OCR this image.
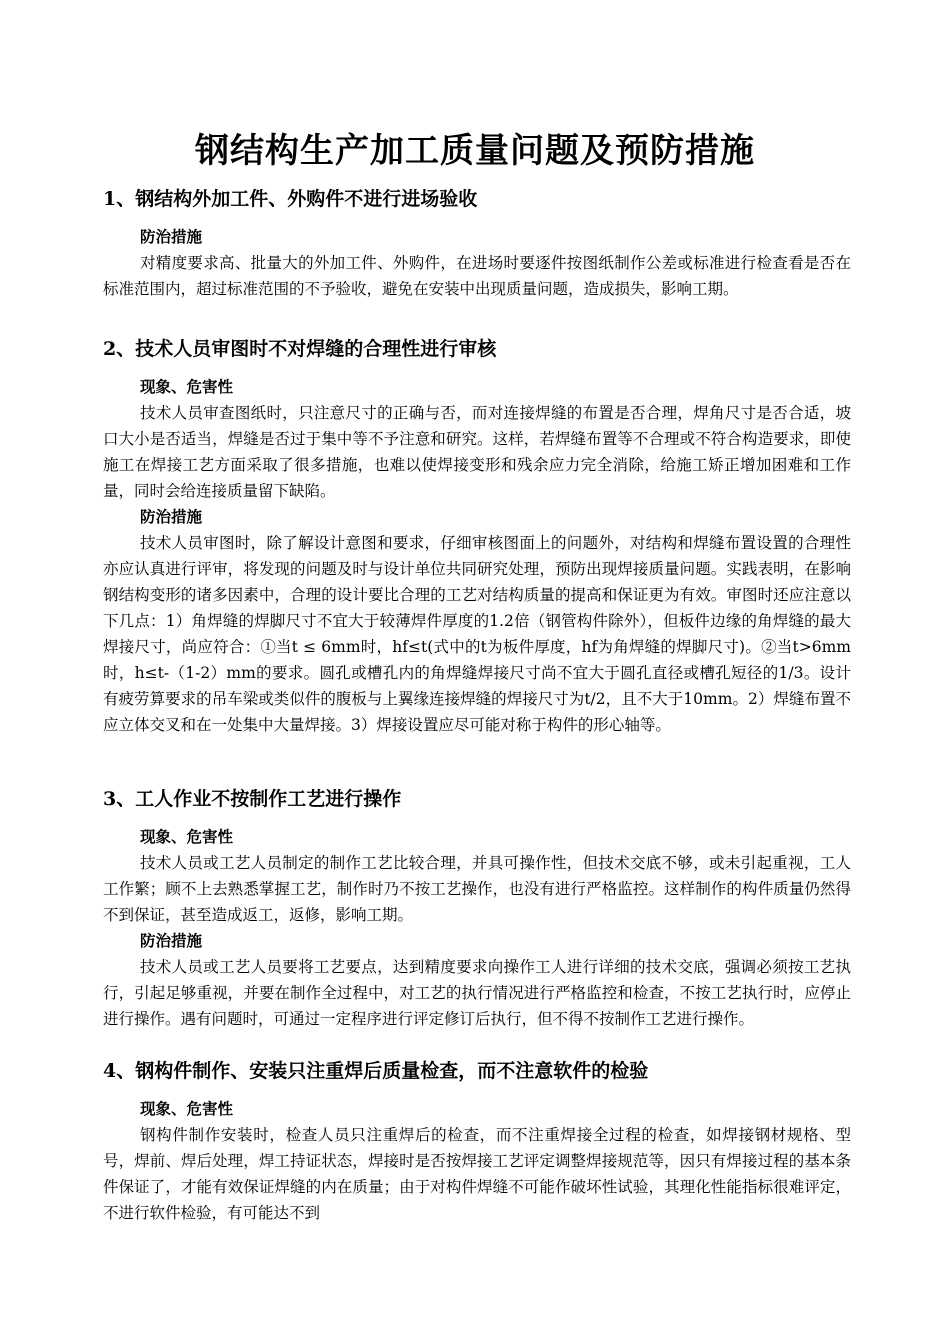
钢结构生产加工质量问题及预防措施
1、钢结构外加工件、外购件不进行进场验收

防治措施

对精度要求高、批量大的外加工件、外购件，在进场时要逐件按图纸制作公差或标准进行检查看是否在标准范围内，超过标准范围的不予验收，避免在安装中出现质量问题，造成损失，影响工期。

2、技术人员审图时不对焊缝的合理性进行审核

现象、危害性

技术人员审查图纸时，只注意尺寸的正确与否，而对连接焊缝的布置是否合理，焊角尺寸是否合适，坡口大小是否适当，焊缝是否过于集中等不予注意和研究。这样，若焊缝布置等不合理或不符合构造要求，即使施工在焊接工艺方面采取了很多措施，也难以使焊接变形和残余应力完全消除，给施工矫正增加困难和工作量，同时会给连接质量留下缺陷。

防治措施

技术人员审图时，除了解设计意图和要求，仔细审核图面上的问题外，对结构和焊缝布置设置的合理性亦应认真进行评审，将发现的问题及时与设计单位共同研究处理，预防出现焊接质量问题。实践表明，在影响钢结构变形的诸多因素中，合理的设计要比合理的工艺对结构质量的提高和保证更为有效。审图时还应注意以下几点：1）角焊缝的焊脚尺寸不宜大于较薄焊件厚度的1.2倍（钢管构件除外），但板件边缘的角焊缝的最大焊接尺寸，尚应符合：①当t ≤ 6mm时，hf≤t(式中的t为板件厚度，hf为角焊缝的焊脚尺寸)。②当t>6mm时，h≤t-（1-2）mm的要求。圆孔或槽孔内的角焊缝焊接尺寸尚不宜大于圆孔直径或槽孔短径的1/3。设计有疲劳算要求的吊车梁或类似件的腹板与上翼缘连接焊缝的焊接尺寸为t/2，且不大于10mm。2）焊缝布置不应立体交叉和在一处集中大量焊接。3）焊接设置应尽可能对称于构件的形心轴等。

3、工人作业不按制作工艺进行操作

现象、危害性

技术人员或工艺人员制定的制作工艺比较合理，并具可操作性，但技术交底不够，或未引起重视，工人工作繁；顾不上去熟悉掌握工艺，制作时乃不按工艺操作，也没有进行严格监控。这样制作的构件质量仍然得不到保证，甚至造成返工，返修，影响工期。

防治措施

技术人员或工艺人员要将工艺要点，达到精度要求向操作工人进行详细的技术交底，强调必须按工艺执行，引起足够重视，并要在制作全过程中，对工艺的执行情况进行严格监控和检查，不按工艺执行时，应停止进行操作。遇有问题时，可通过一定程序进行评定修订后执行，但不得不按制作工艺进行操作。

4、钢构件制作、安装只注重焊后质量检查，而不注意软件的检验

现象、危害性

钢构件制作安装时，检查人员只注重焊后的检查，而不注重焊接全过程的检查，如焊接钢材规格、型号，焊前、焊后处理，焊工持证状态，焊接时是否按焊接工艺评定调整焊接规范等，因只有焊接过程的基本条件保证了，才能有效保证焊缝的内在质量；由于对构件焊缝不可能作破坏性试验，其理化性能指标很难评定，不进行软件检验，有可能达不到
